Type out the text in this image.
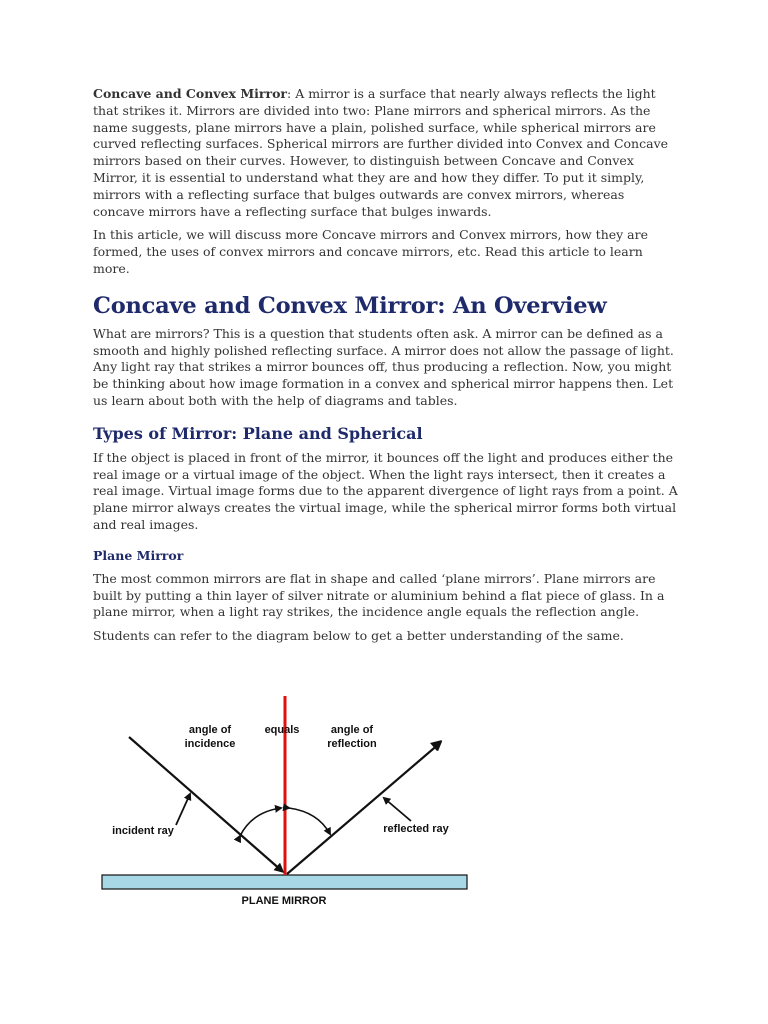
Concave and Convex Mirror: A mirror is a surface that nearly always reflects the light that strikes it. Mirrors are divided into two: Plane mirrors and spherical mirrors. As the name suggests, plane mirrors have a plain, polished surface, while spherical mirrors are curved reflecting surfaces. Spherical mirrors are further divided into Convex and Concave mirrors based on their curves. However, to distinguish between Concave and Convex Mirror, it is essential to understand what they are and how they differ. To put it simply, mirrors with a reflecting surface that bulges outwards are convex mirrors, whereas concave mirrors have a reflecting surface that bulges inwards.

In this article, we will discuss more Concave mirrors and Convex mirrors, how they are formed, the uses of convex mirrors and concave mirrors, etc. Read this article to learn more.

Concave and Convex Mirror: An Overview

What are mirrors? This is a question that students often ask. A mirror can be defined as a smooth and highly polished reflecting surface. A mirror does not allow the passage of light. Any light ray that strikes a mirror bounces off, thus producing a reflection. Now, you might be thinking about how image formation in a convex and spherical mirror happens then. Let us learn about both with the help of diagrams and tables.

Types of Mirror: Plane and Spherical

If the object is placed in front of the mirror, it bounces off the light and produces either the real image or a virtual image of the object. When the light rays intersect, then it creates a real image. Virtual image forms due to the apparent divergence of light rays from a point. A plane mirror always creates the virtual image, while the spherical mirror forms both virtual and real images.

Plane Mirror

The most common mirrors are flat in shape and called ‘plane mirrors’. Plane mirrors are built by putting a thin layer of silver nitrate or aluminium behind a flat piece of glass. In a plane mirror, when a light ray strikes, the incidence angle equals the reflection angle.

Students can refer to the diagram below to get a better understanding of the same.

angle of
incidence
equals	angle of
reflection
incident ray	reflected ray
PLANE MIRROR
